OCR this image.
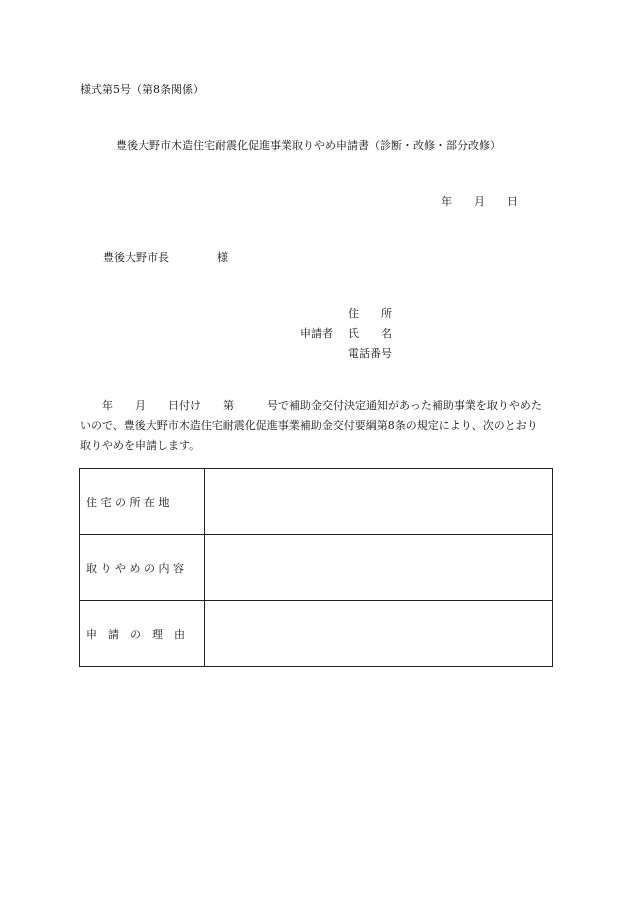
様式第5号（第8条関係）
豊後大野市木造住宅耐震化促進事業取りやめ申請書（診断・改修・部分改修）
年　　月　　日
豊後大野市長	様
住　　所
申請者	氏　　名
電話番号
　　年　　月　　日付け　　第　　　号で補助金交付決定通知があった補助事業を取りやめたいので、豊後大野市木造住宅耐震化促進事業補助金交付要綱第8条の規定により、次のとおり取りやめを申請します。
住 宅 の 所 在 地	
取 り や め の 内 容	
申　請　の　理　由	
